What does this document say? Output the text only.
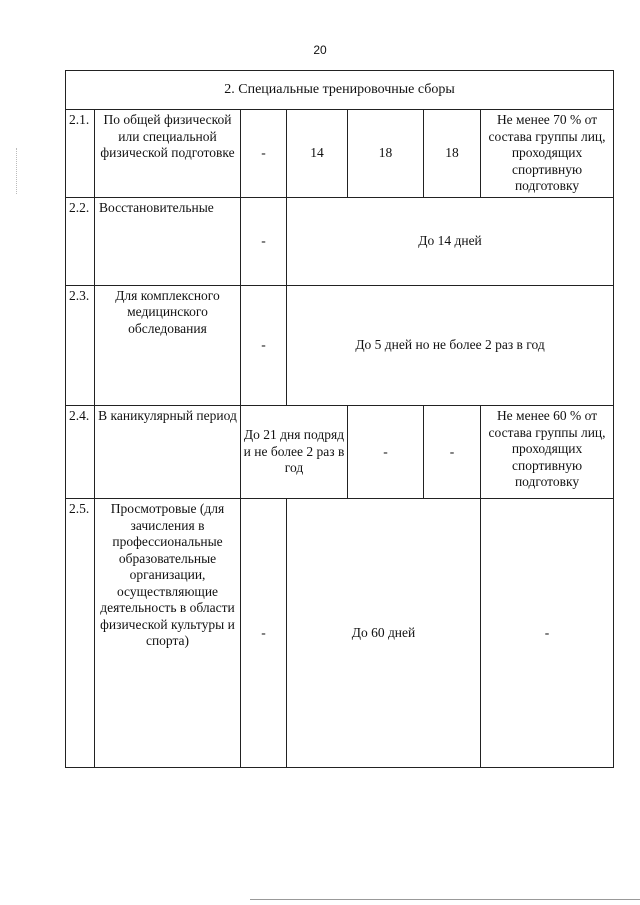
20
2. Специальные тренировочные сборы							
2.1.	По общей физической или специальной физической подготовке	-	14	18	18	Не менее 70 % от состава группы лиц, проходящих спортивную подготовку	
2.2.	Восстановительные	-	До 14 дней	
2.3.	Для комплексного медицинского обследования	-	До 5 дней но не более 2 раз в год	
2.4.	В каникулярный период	До 21 дня подряд и не более 2 раз в год		-	-	Не менее 60 % от состава группы лиц, проходящих спортивную подготовку	
2.5.	Просмотровые (для зачисления в профессиональные образовательные организации, осуществляющие деятельность в области физической культуры и спорта)	-	До 60 дней			-	
